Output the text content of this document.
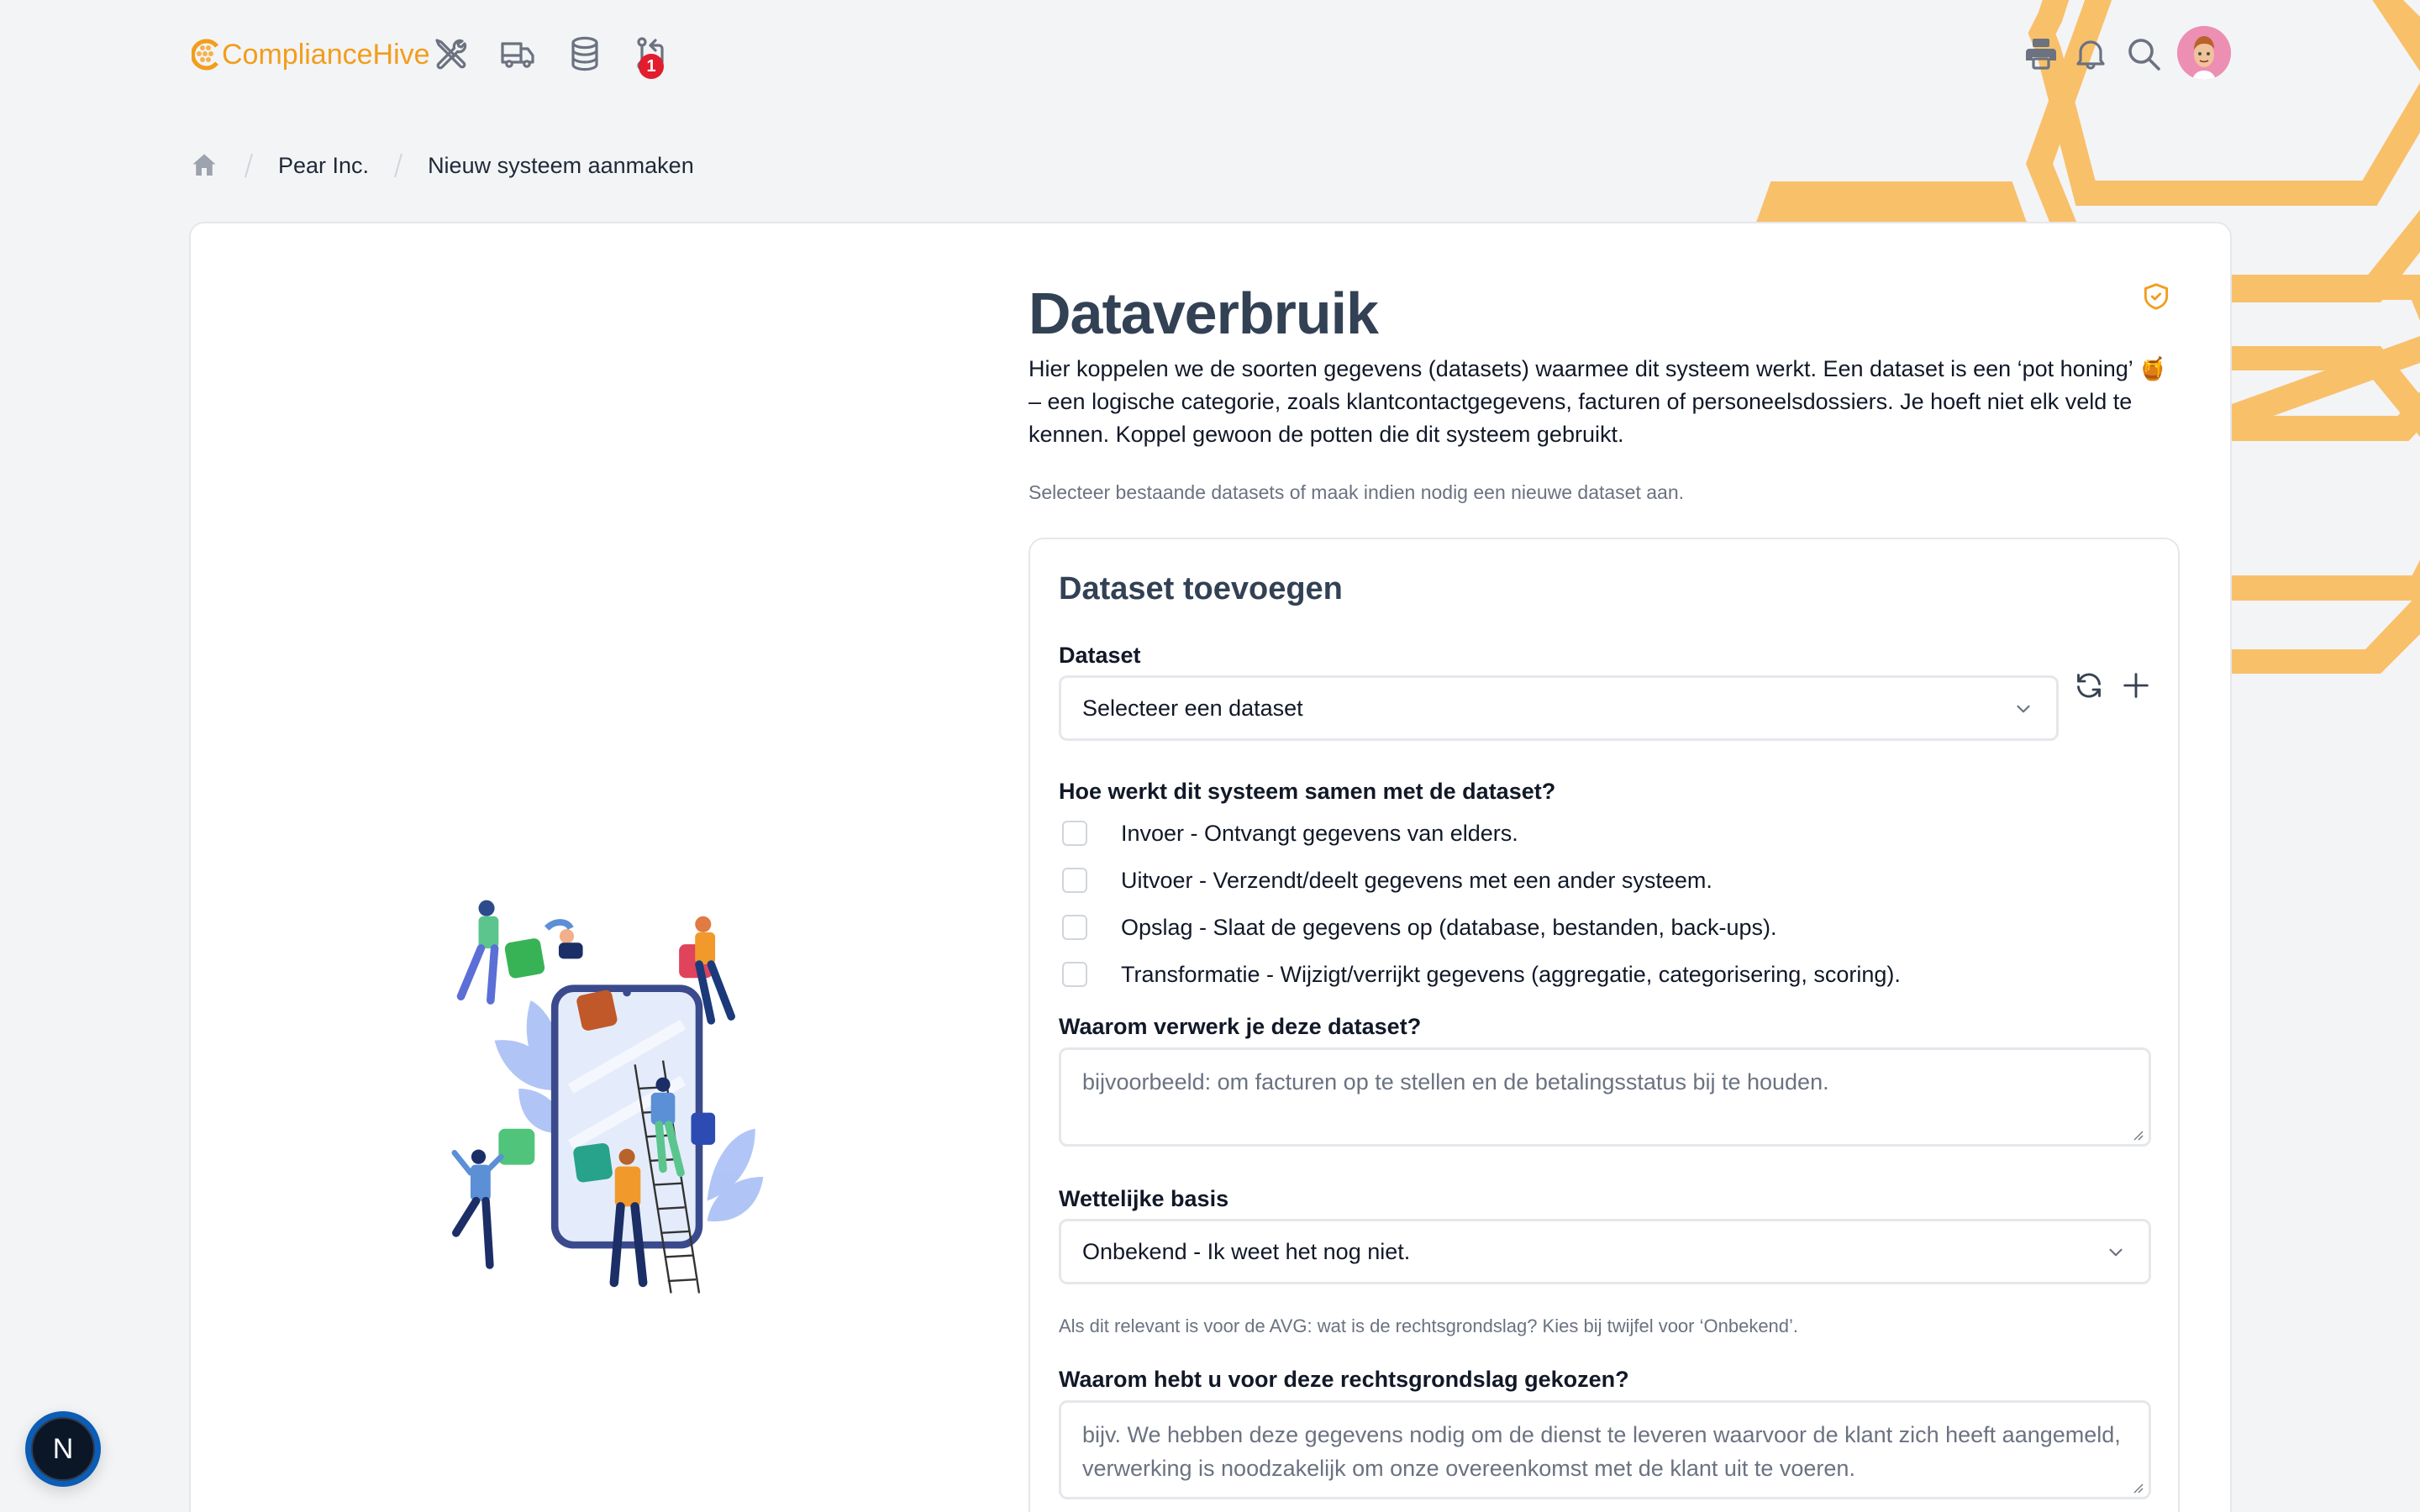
ComplianceHive	1
Pear Inc.	Nieuw systeem aanmaken
Dataverbruik

Hier koppelen we de soorten gegevens (datasets) waarmee dit systeem werkt. Een dataset is een ‘pot honing’ 🍯 – een logische categorie, zoals klantcontactgegevens, facturen of personeelsdossiers. Je hoeft niet elk veld te kennen. Koppel gewoon de potten die dit systeem gebruikt.

Selecteer bestaande datasets of maak indien nodig een nieuwe dataset aan.

Dataset toevoegen
Dataset
Selecteer een dataset
Hoe werkt dit systeem samen met de dataset?
Invoer - Ontvangt gegevens van elders.
Uitvoer - Verzendt/deelt gegevens met een ander systeem.
Opslag - Slaat de gegevens op (database, bestanden, back-ups).
Transformatie - Wijzigt/verrijkt gegevens (aggregatie, categorisering, scoring).
Waarom verwerk je deze dataset?
bijvoorbeeld: om facturen op te stellen en de betalingsstatus bij te houden.
Wettelijke basis
Onbekend - Ik weet het nog niet.

Als dit relevant is voor de AVG: wat is de rechtsgrondslag? Kies bij twijfel voor ‘Onbekend’.

Waarom hebt u voor deze rechtsgrondslag gekozen?
bijv. We hebben deze gegevens nodig om de dienst te leveren waarvoor de klant zich heeft aangemeld, verwerking is noodzakelijk om onze overeenkomst met de klant uit te voeren.
N
